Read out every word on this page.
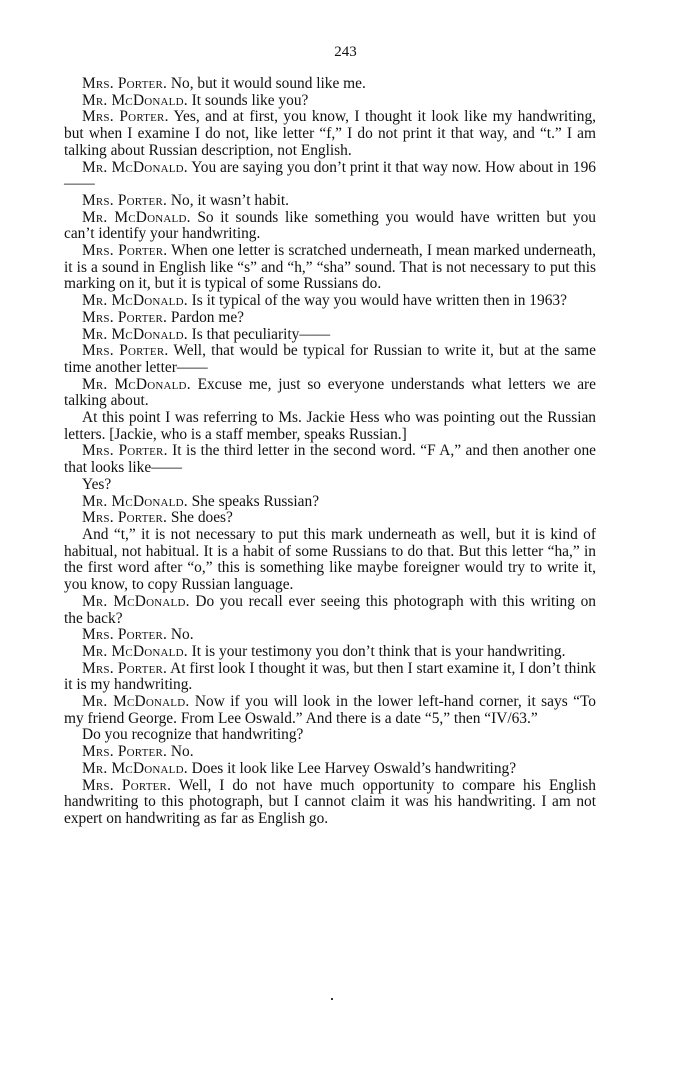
243

Mrs. Porter. No, but it would sound like me.

Mr. McDonald. It sounds like you?

Mrs. Porter. Yes, and at first, you know, I thought it look like my handwriting, but when I examine I do not, like letter “f,” I do not print it that way, and “t.” I am talking about Russian description, not English.

Mr. McDonald. You are saying you don’t print it that way now. How about in 196——

Mrs. Porter. No, it wasn’t habit.

Mr. McDonald. So it sounds like something you would have written but you can’t identify your handwriting.

Mrs. Porter. When one letter is scratched underneath, I mean marked underneath, it is a sound in English like “s” and “h,” “sha” sound. That is not necessary to put this marking on it, but it is typical of some Russians do.

Mr. McDonald. Is it typical of the way you would have written then in 1963?

Mrs. Porter. Pardon me?

Mr. McDonald. Is that peculiarity——

Mrs. Porter. Well, that would be typical for Russian to write it, but at the same time another letter——

Mr. McDonald. Excuse me, just so everyone understands what letters we are talking about.

At this point I was referring to Ms. Jackie Hess who was pointing out the Russian letters. [Jackie, who is a staff member, speaks Russian.]

Mrs. Porter. It is the third letter in the second word. “F A,” and then another one that looks like——

Yes?

Mr. McDonald. She speaks Russian?

Mrs. Porter. She does?

And “t,” it is not necessary to put this mark underneath as well, but it is kind of habitual, not habitual. It is a habit of some Russians to do that. But this letter “ha,” in the first word after “o,” this is something like maybe foreigner would try to write it, you know, to copy Russian language.

Mr. McDonald. Do you recall ever seeing this photograph with this writing on the back?

Mrs. Porter. No.

Mr. McDonald. It is your testimony you don’t think that is your handwriting.

Mrs. Porter. At first look I thought it was, but then I start examine it, I don’t think it is my handwriting.

Mr. McDonald. Now if you will look in the lower left-hand corner, it says “To my friend George. From Lee Oswald.” And there is a date “5,” then “IV/63.”

Do you recognize that handwriting?

Mrs. Porter. No.

Mr. McDonald. Does it look like Lee Harvey Oswald’s handwriting?

Mrs. Porter. Well, I do not have much opportunity to compare his English handwriting to this photograph, but I cannot claim it was his handwriting. I am not expert on handwriting as far as English go.
